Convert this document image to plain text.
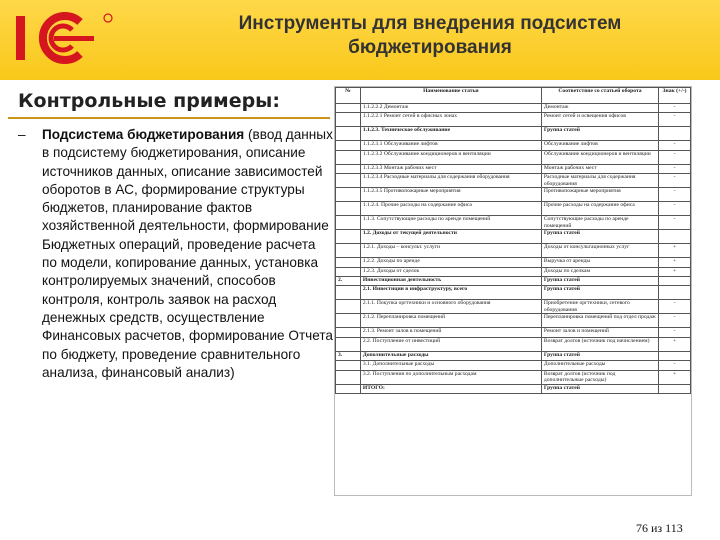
Инструменты для внедрения подсистем
бюджетирования
Контрольные примеры:
– Подсистема бюджетирования (ввод данных в подсистему бюджетирования, описание источников данных, описание зависимостей оборотов в АС, формирование структуры бюджетов, планирование фактов хозяйственной деятельности, формирование Бюджетных операций, проведение расчета по модели, копирование данных, установка контролируемых значений, способов контроля, контроль заявок на расход денежных средств, осуществление Финансовых расчетов, формирование Отчета по бюджету, проведение сравнительного анализа, финансовый анализ)
№	Наименование статьи	Соответствие со статьей оборота	Знак (+/-)
	1.1.2.2.2 Демонтаж	Демонтаж	-
	1.1.2.2.1 Ремонт сетей в офисных зонах	Ремонт сетей и освещения офисов	-
	1.1.2.3. Техническое обслуживание	Группа статей	
	1.1.2.3.1 Обслуживание лифтов	Обслуживание лифтов	-
	1.1.2.3.2 Обслуживание кондиционеров и вентиляции	Обслуживание кондиционеров и вентиляции	-
	1.1.2.3.3 Монтаж рабочих мест	Монтаж рабочих мест	-
	1.1.2.3.4 Расходные материалы для содержания оборудования	Расходные материалы для содержания оборудования	-
	1.1.2.3.5 Противопожарные мероприятия	Противопожарные мероприятия	-
	1.1.2.4. Прочие расходы на содержание офиса	Прочие расходы на содержание офиса	-
	1.1.3. Сопутствующие расходы по аренде помещений	Сопутствующие расходы по аренде помещений	-
	1.2. Доходы от текущей деятельности	Группа статей	
	1.2.1. Доходы – консульт. услуги	Доходы от консультационных услуг	+
	1.2.2. Доходы по аренде	Выручка от аренды	+
	1.2.3. Доходы от сделок	Доходы по сделкам	+
2.	Инвестиционная деятельность	Группа статей	
	2.1. Инвестиции в инфраструктуру, всего	Группа статей	
	2.1.1. Покупка оргтехники и основного оборудования	Приобретение оргтехники, сетевого оборудования	-
	2.1.2. Перепланировка помещений	Перепланировка помещений под отдел продаж	-
	2.1.3. Ремонт залов в помещений	Ремонт залов и помещений	-
	2.2. Поступление от инвестиций	Возврат долгов (источник под начислением)	+
3.	Дополнительные расходы	Группа статей	
	3.1. Дополнительные расходы	Дополнительные расходы	-
	3.2. Поступления по дополнительным расходам	Возврат долгов (источник под дополнительные расходы)	+
	ИТОГО:	Группа статей	
76 из 113
